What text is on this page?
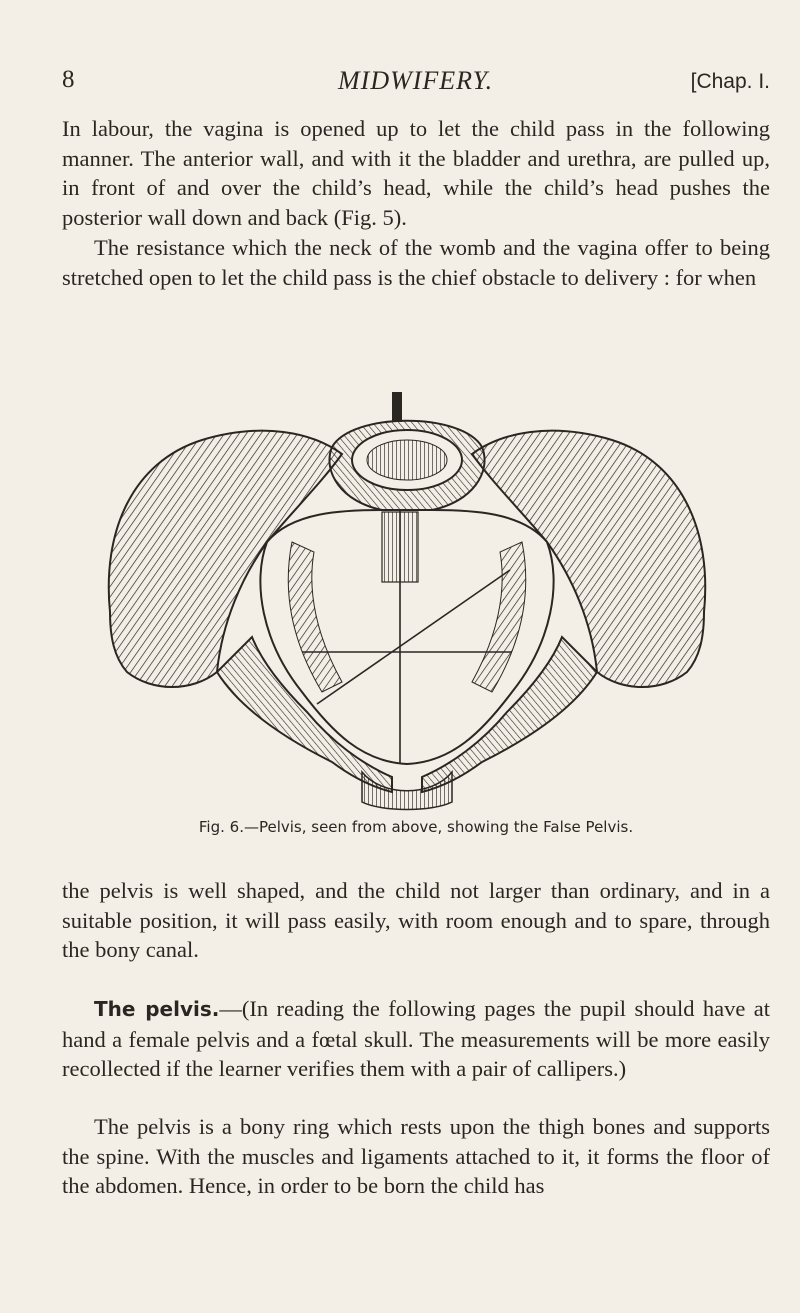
8	MIDWIFERY.	[Chap. I.

In labour, the vagina is opened up to let the child pass in the following manner. The anterior wall, and with it the bladder and urethra, are pulled up, in front of and over the child’s head, while the child’s head pushes the posterior wall down and back (Fig. 5).

The resistance which the neck of the womb and the vagina offer to being stretched open to let the child pass is the chief obstacle to delivery : for when

Fig. 6.—Pelvis, seen from above, showing the False Pelvis.

the pelvis is well shaped, and the child not larger than ordinary, and in a suitable position, it will pass easily, with room enough and to spare, through the bony canal.

The pelvis.—(In reading the following pages the pupil should have at hand a female pelvis and a fœtal skull. The measurements will be more easily recollected if the learner verifies them with a pair of callipers.)

The pelvis is a bony ring which rests upon the thigh bones and supports the spine. With the muscles and ligaments attached to it, it forms the floor of the abdomen. Hence, in order to be born the child has
